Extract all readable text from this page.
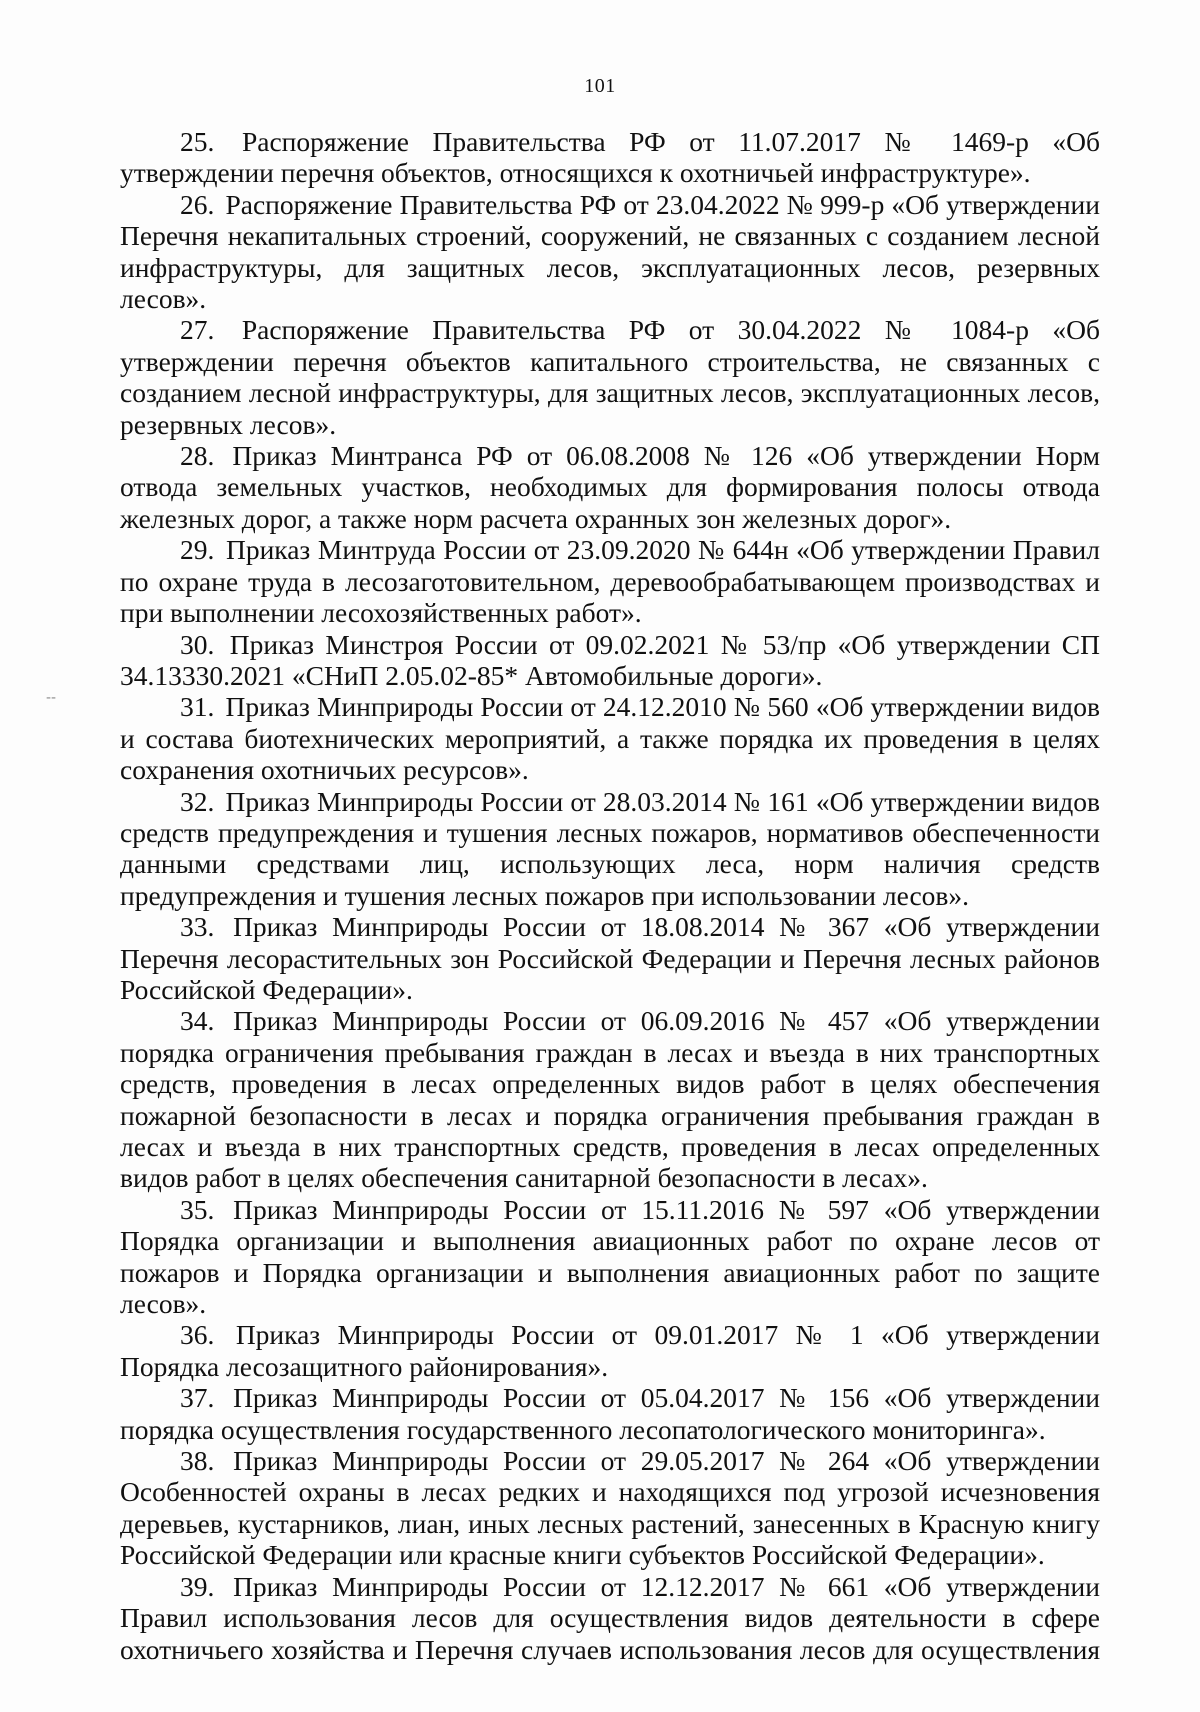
101
--
25. Распоряжение Правительства РФ от 11.07.2017 № 1469-р «Об утверждении перечня объектов, относящихся к охотничьей инфраструктуре».
26. Распоряжение Правительства РФ от 23.04.2022 № 999-р «Об утверждении Перечня некапитальных строений, сооружений, не связанных с созданием лесной инфраструктуры, для защитных лесов, эксплуатационных лесов, резервных лесов».
27. Распоряжение Правительства РФ от 30.04.2022 № 1084-р «Об утверждении перечня объектов капитального строительства, не связанных с созданием лесной инфраструктуры, для защитных лесов, эксплуатационных лесов, резервных лесов».
28. Приказ Минтранса РФ от 06.08.2008 № 126 «Об утверждении Норм отвода земельных участков, необходимых для формирования полосы отвода железных дорог, а также норм расчета охранных зон железных дорог».
29. Приказ Минтруда России от 23.09.2020 № 644н «Об утверждении Правил по охране труда в лесозаготовительном, деревообрабатывающем производствах и при выполнении лесохозяйственных работ».
30. Приказ Минстроя России от 09.02.2021 № 53/пр «Об утверждении СП 34.13330.2021 «СНиП 2.05.02-85* Автомобильные дороги».
31. Приказ Минприроды России от 24.12.2010 № 560 «Об утверждении видов и состава биотехнических мероприятий, а также порядка их проведения в целях сохранения охотничьих ресурсов».
32. Приказ Минприроды России от 28.03.2014 № 161 «Об утверждении видов средств предупреждения и тушения лесных пожаров, нормативов обеспеченности данными средствами лиц, использующих леса, норм наличия средств предупреждения и тушения лесных пожаров при использовании лесов».
33. Приказ Минприроды России от 18.08.2014 № 367 «Об утверждении Перечня лесорастительных зон Российской Федерации и Перечня лесных районов Российской Федерации».
34. Приказ Минприроды России от 06.09.2016 № 457 «Об утверждении порядка ограничения пребывания граждан в лесах и въезда в них транспортных средств, проведения в лесах определенных видов работ в целях обеспечения пожарной безопасности в лесах и порядка ограничения пребывания граждан в лесах и въезда в них транспортных средств, проведения в лесах определенных видов работ в целях обеспечения санитарной безопасности в лесах».
35. Приказ Минприроды России от 15.11.2016 № 597 «Об утверждении Порядка организации и выполнения авиационных работ по охране лесов от пожаров и Порядка организации и выполнения авиационных работ по защите лесов».
36. Приказ Минприроды России от 09.01.2017 № 1 «Об утверждении Порядка лесозащитного районирования».
37. Приказ Минприроды России от 05.04.2017 № 156 «Об утверждении порядка осуществления государственного лесопатологического мониторинга».
38. Приказ Минприроды России от 29.05.2017 № 264 «Об утверждении Особенностей охраны в лесах редких и находящихся под угрозой исчезновения деревьев, кустарников, лиан, иных лесных растений, занесенных в Красную книгу Российской Федерации или красные книги субъектов Российской Федерации».
39. Приказ Минприроды России от 12.12.2017 № 661 «Об утверждении Правил использования лесов для осуществления видов деятельности в сфере охотничьего хозяйства и Перечня случаев использования лесов для осуществления
